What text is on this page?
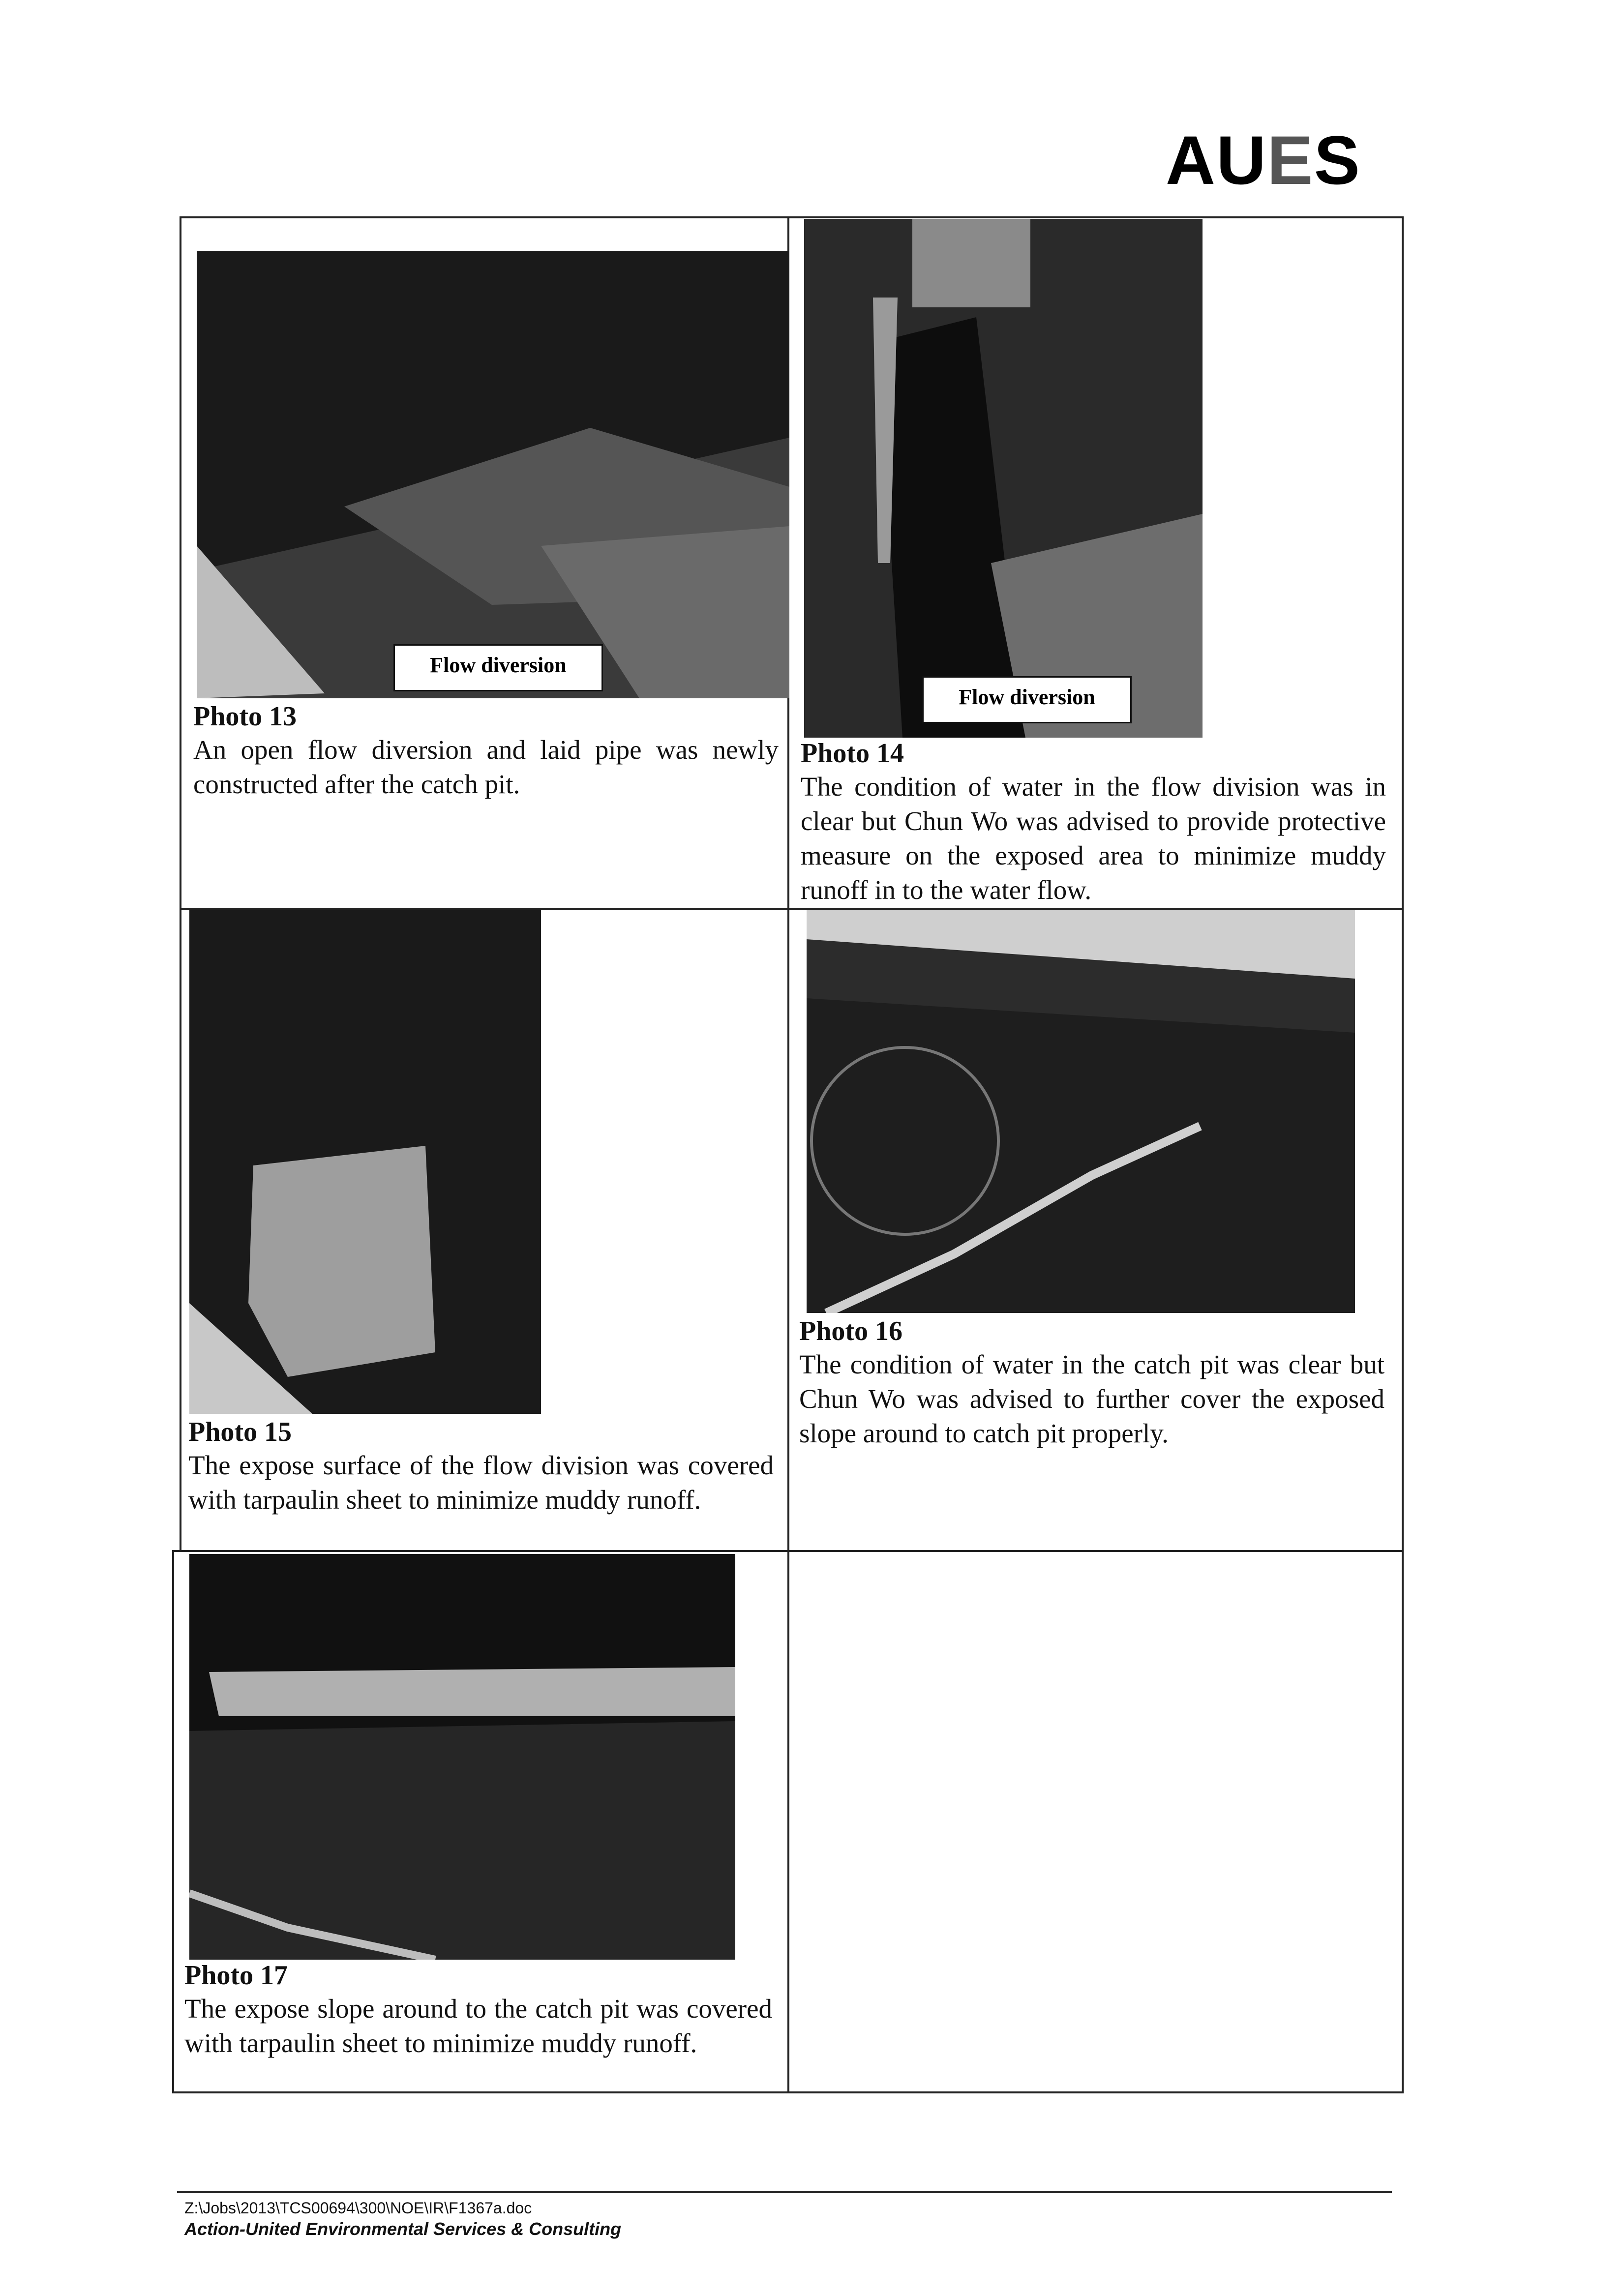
AUES
Flow diversion
Photo 13
An open flow diversion and laid pipe was newly constructed after the catch pit.
Flow diversion
Photo 14
The condition of water in the flow division was in clear but Chun Wo was advised to provide protective measure on the exposed area to minimize muddy runoff in to the water flow.
Photo 15
The expose surface of the flow division was covered with tarpaulin sheet to minimize muddy runoff.
Photo 16
The condition of water in the catch pit was clear but Chun Wo was advised to further cover the exposed slope around to catch pit properly.
Photo 17
The expose slope around to the catch pit was covered with tarpaulin sheet to minimize muddy runoff.
Z:\Jobs\2013\TCS00694\300\NOE\IR\F1367a.doc
Action-United Environmental Services & Consulting
